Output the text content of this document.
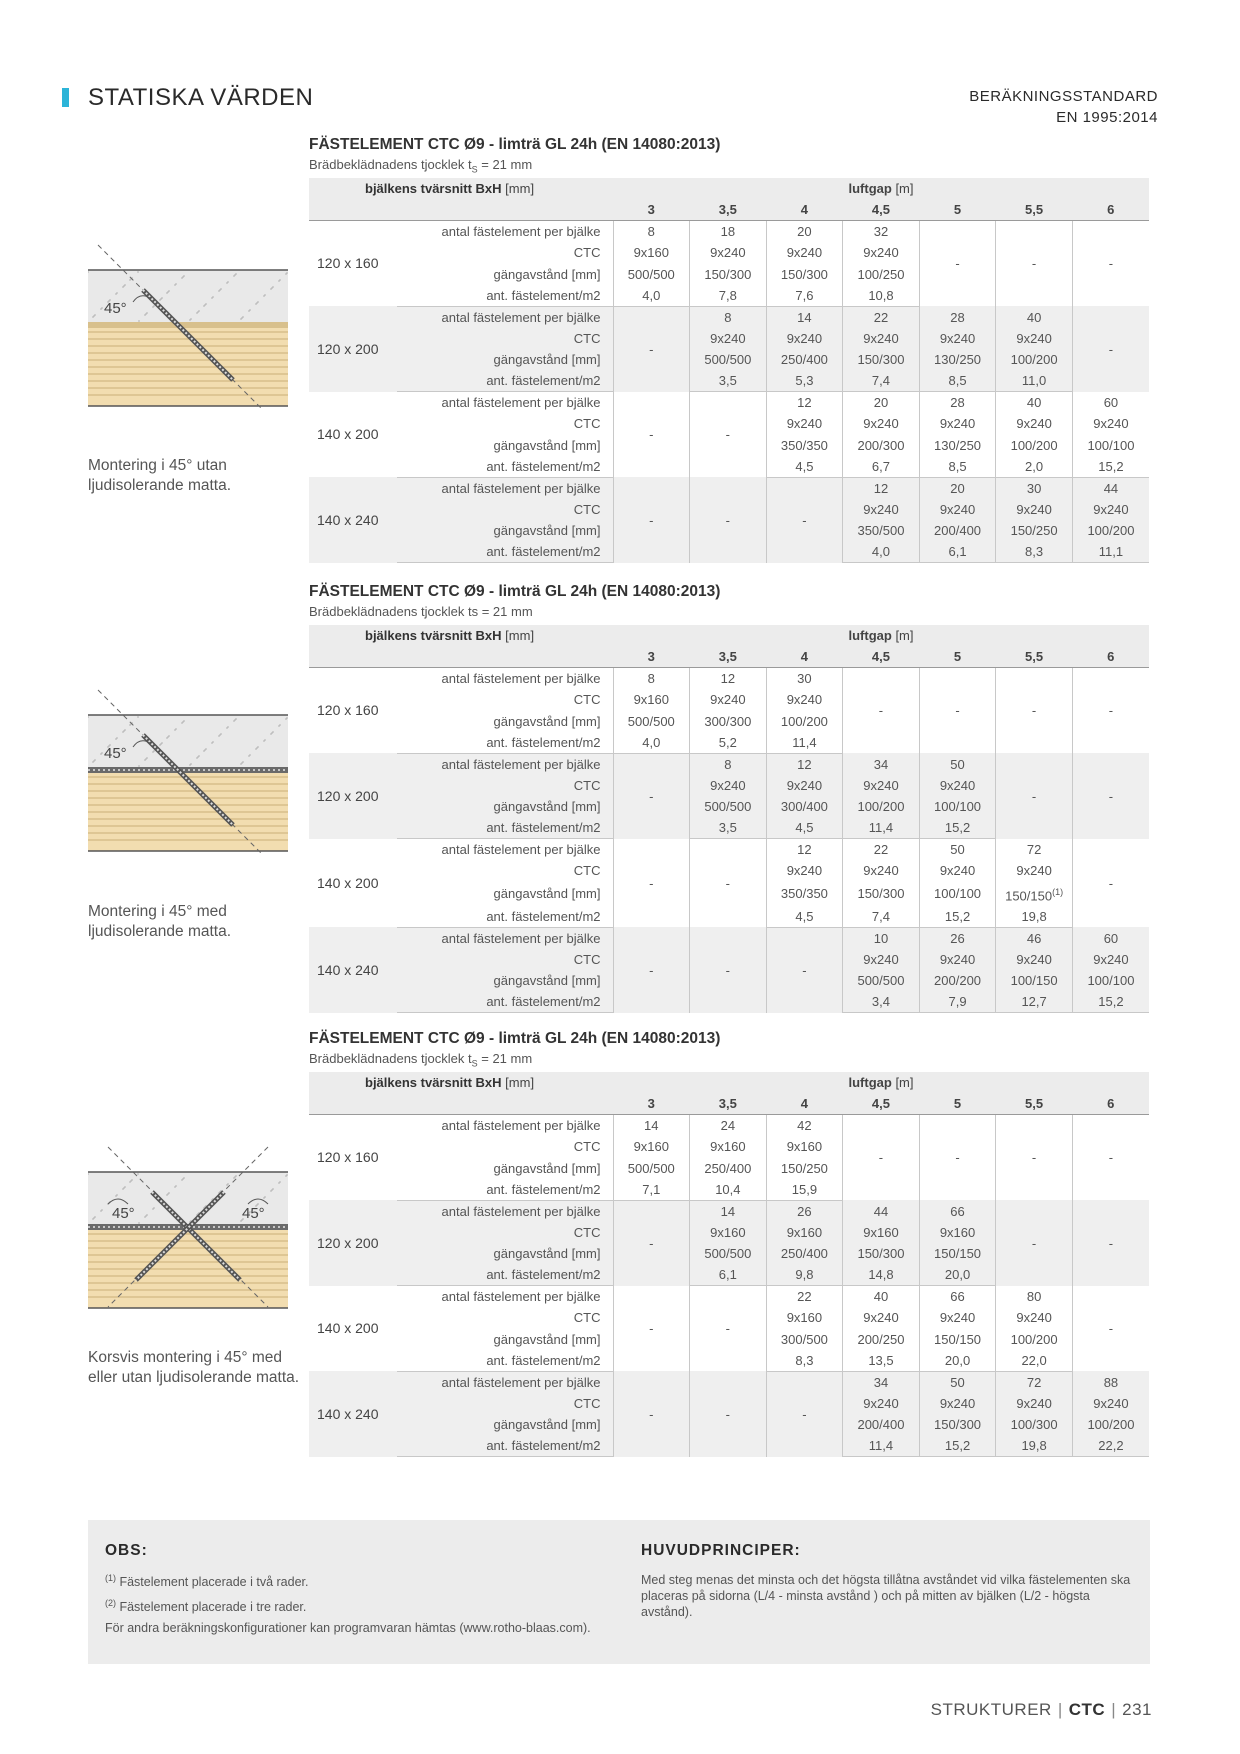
STATISKA VÄRDEN	BERÄKNINGSSTANDARD
EN 1995:2014
FÄSTELEMENT CTC Ø9 - limträ GL 24h (EN 14080:2013)
Brädbeklädnadens tjocklek $t_S = 21$ mm
45°
Montering i 45° utan ljudisolerande matta.
bjälkens tvärsnitt BxH [mm]		luftgap [m]						
		3	3,5	4	4,5	5	5,5	6
120 x 160	antal fästelement per bjälke	8	18	20	32	-	-	-
	CTC	9x160	9x240	9x240	9x240			
	gängavstånd [mm]	500/500	150/300	150/300	100/250			
	ant. fästelement/m2	4,0	7,8	7,6	10,8			
120 x 200	antal fästelement per bjälke	-	8	14	22	28	40	-
	CTC		9x240	9x240	9x240	9x240	9x240	
	gängavstånd [mm]		500/500	250/400	150/300	130/250	100/200	
	ant. fästelement/m2		3,5	5,3	7,4	8,5	11,0	
140 x 200	antal fästelement per bjälke	-	-	12	20	28	40	60
	CTC			9x240	9x240	9x240	9x240	9x240
	gängavstånd [mm]			350/350	200/300	130/250	100/200	100/100
	ant. fästelement/m2			4,5	6,7	8,5	2,0	15,2
140 x 240	antal fästelement per bjälke	-	-	-	12	20	30	44
	CTC				9x240	9x240	9x240	9x240
	gängavstånd [mm]				350/500	200/400	150/250	100/200
	ant. fästelement/m2				4,0	6,1	8,3	11,1
FÄSTELEMENT CTC Ø9 - limträ GL 24h (EN 14080:2013)
Brädbeklädnadens tjocklek ts = 21 mm
45°
Montering i 45° med ljudisolerande matta.
bjälkens tvärsnitt BxH [mm]		luftgap [m]						
		3	3,5	4	4,5	5	5,5	6
120 x 160	antal fästelement per bjälke	8	12	30	-	-	-	-
	CTC	9x160	9x240	9x240				
	gängavstånd [mm]	500/500	300/300	100/200				
	ant. fästelement/m2	4,0	5,2	11,4				
120 x 200	antal fästelement per bjälke	-	8	12	34	50	-	-
	CTC		9x240	9x240	9x240	9x240		
	gängavstånd [mm]		500/500	300/400	100/200	100/100		
	ant. fästelement/m2		3,5	4,5	11,4	15,2		
140 x 200	antal fästelement per bjälke	-	-	12	22	50	72	-
	CTC			9x240	9x240	9x240	9x240	
	gängavstånd [mm]			350/350	150/300	100/100	150/150$^{(1)}$
	ant. fästelement/m2			4,5	7,4	15,2	19,8	
140 x 240	antal fästelement per bjälke	-	-	-	10	26	46	60
	CTC				9x240	9x240	9x240	9x240
	gängavstånd [mm]				500/500	200/200	100/150	100/100
	ant. fästelement/m2				3,4	7,9	12,7	15,2
FÄSTELEMENT CTC Ø9 - limträ GL 24h (EN 14080:2013)
Brädbeklädnadens tjocklek $t_S = 21$ mm
45°	45°
Korsvis montering i 45° med eller utan ljudisolerande matta.
bjälkens tvärsnitt BxH [mm]		luftgap [m]						
		3	3,5	4	4,5	5	5,5	6
120 x 160	antal fästelement per bjälke	14	24	42	-	-	-	-
	CTC	9x160	9x160	9x160				
	gängavstånd [mm]	500/500	250/400	150/250				
	ant. fästelement/m2	7,1	10,4	15,9				
120 x 200	antal fästelement per bjälke	-	14	26	44	66	-	-
	CTC		9x160	9x160	9x160	9x160		
	gängavstånd [mm]		500/500	250/400	150/300	150/150		
	ant. fästelement/m2		6,1	9,8	14,8	20,0		
140 x 200	antal fästelement per bjälke	-	-	22	40	66	80	-
	CTC			9x160	9x240	9x240	9x240	
	gängavstånd [mm]			300/500	200/250	150/150	100/200	
	ant. fästelement/m2			8,3	13,5	20,0	22,0	
140 x 240	antal fästelement per bjälke	-	-	-	34	50	72	88
	CTC				9x240	9x240	9x240	9x240
	gängavstånd [mm]				200/400	150/300	100/300	100/200
	ant. fästelement/m2				11,4	15,2	19,8	22,2
OBS:

$^{(1)}$ Fästelement placerade i två rader.

$^{(2)}$ Fästelement placerade i tre rader.

För andra beräkningskonfigurationer kan programvaran hämtas (www.rotho-blaas.com).

HUVUDPRINCIPER:
Med steg menas det minsta och det högsta tillåtna avståndet vid vilka fästelementen ska placeras på sidorna (L/4 - minsta avstånd ) och på mitten av bjälken (L/2 - högsta avstånd).
STRUKTURER | CTC | 231
